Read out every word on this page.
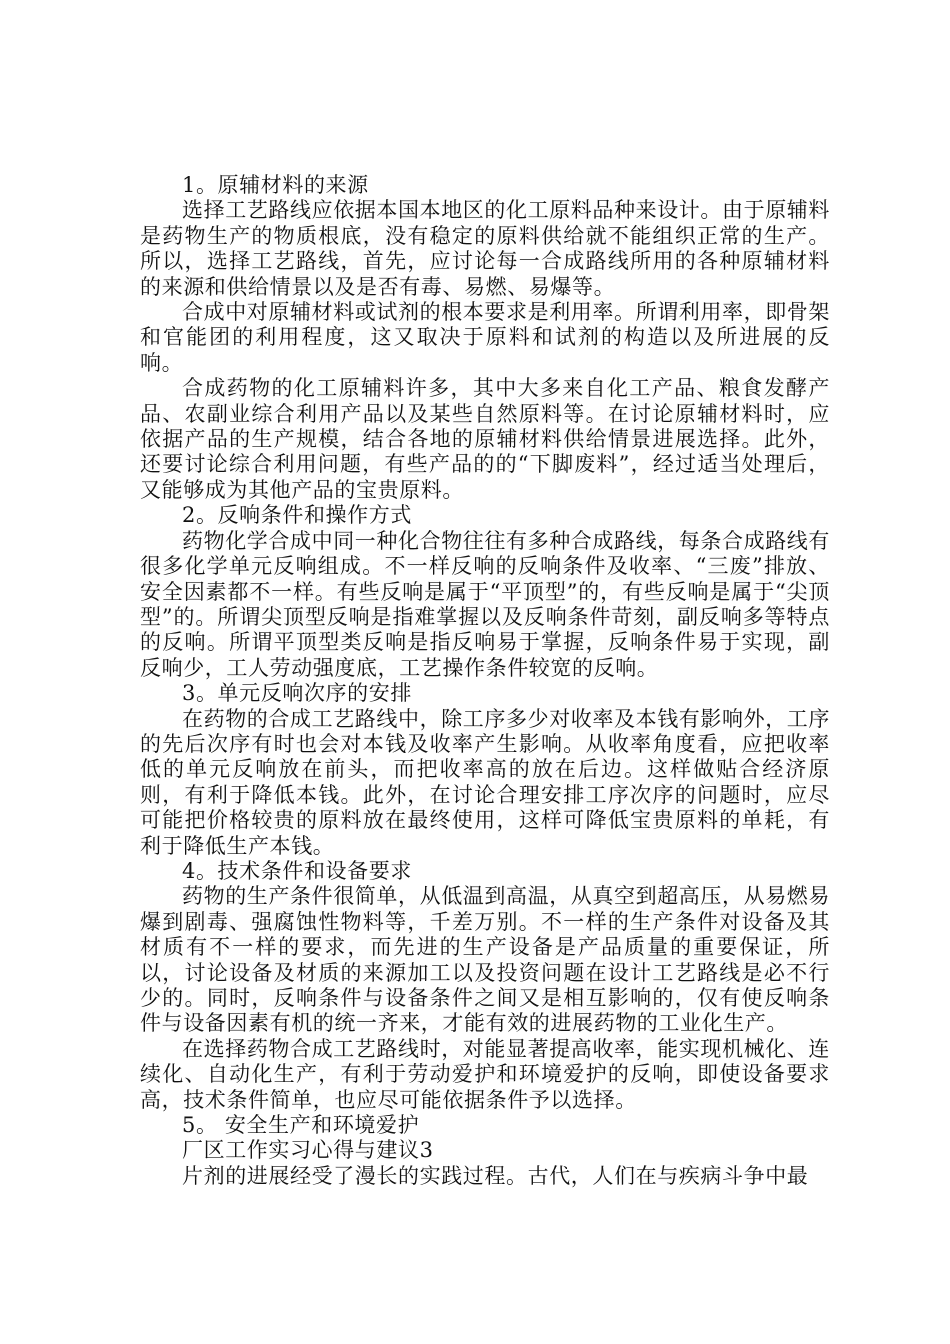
1。原辅材料的来源

选择工艺路线应依据本国本地区的化工原料品种来设计。由于原辅料是药物生产的物质根底，没有稳定的原料供给就不能组织正常的生产。所以，选择工艺路线，首先，应讨论每一合成路线所用的各种原辅材料的来源和供给情景以及是否有毒、易燃、易爆等。

合成中对原辅材料或试剂的根本要求是利用率。所谓利用率，即骨架和官能团的利用程度，这又取决于原料和试剂的构造以及所进展的反响。

合成药物的化工原辅料许多，其中大多来自化工产品、粮食发酵产品、农副业综合利用产品以及某些自然原料等。在讨论原辅材料时，应依据产品的生产规模，结合各地的原辅材料供给情景进展选择。此外，还要讨论综合利用问题，有些产品的的“下脚废料”，经过适当处理后，又能够成为其他产品的宝贵原料。

2。反响条件和操作方式

药物化学合成中同一种化合物往往有多种合成路线，每条合成路线有很多化学单元反响组成。不一样反响的反响条件及收率、“三废”排放、安全因素都不一样。有些反响是属于“平顶型”的，有些反响是属于“尖顶型”的。所谓尖顶型反响是指难掌握以及反响条件苛刻，副反响多等特点的反响。所谓平顶型类反响是指反响易于掌握，反响条件易于实现，副反响少，工人劳动强度底，工艺操作条件较宽的反响。

3。单元反响次序的安排

在药物的合成工艺路线中，除工序多少对收率及本钱有影响外，工序的先后次序有时也会对本钱及收率产生影响。从收率角度看，应把收率低的单元反响放在前头，而把收率高的放在后边。这样做贴合经济原则，有利于降低本钱。此外，在讨论合理安排工序次序的问题时，应尽可能把价格较贵的原料放在最终使用，这样可降低宝贵原料的单耗，有利于降低生产本钱。

4。技术条件和设备要求

药物的生产条件很简单，从低温到高温，从真空到超高压，从易燃易爆到剧毒、强腐蚀性物料等，千差万别。不一样的生产条件对设备及其材质有不一样的要求，而先进的生产设备是产品质量的重要保证，所以，讨论设备及材质的来源加工以及投资问题在设计工艺路线是必不行少的。同时，反响条件与设备条件之间又是相互影响的，仅有使反响条件与设备因素有机的统一齐来，才能有效的进展药物的工业化生产。

在选择药物合成工艺路线时，对能显著提高收率，能实现机械化、连续化、自动化生产，有利于劳动爱护和环境爱护的反响，即使设备要求高，技术条件简单，也应尽可能依据条件予以选择。

5。 安全生产和环境爱护

厂区工作实习心得与建议3

片剂的进展经受了漫长的实践过程。古代，人们在与疾病斗争中最
